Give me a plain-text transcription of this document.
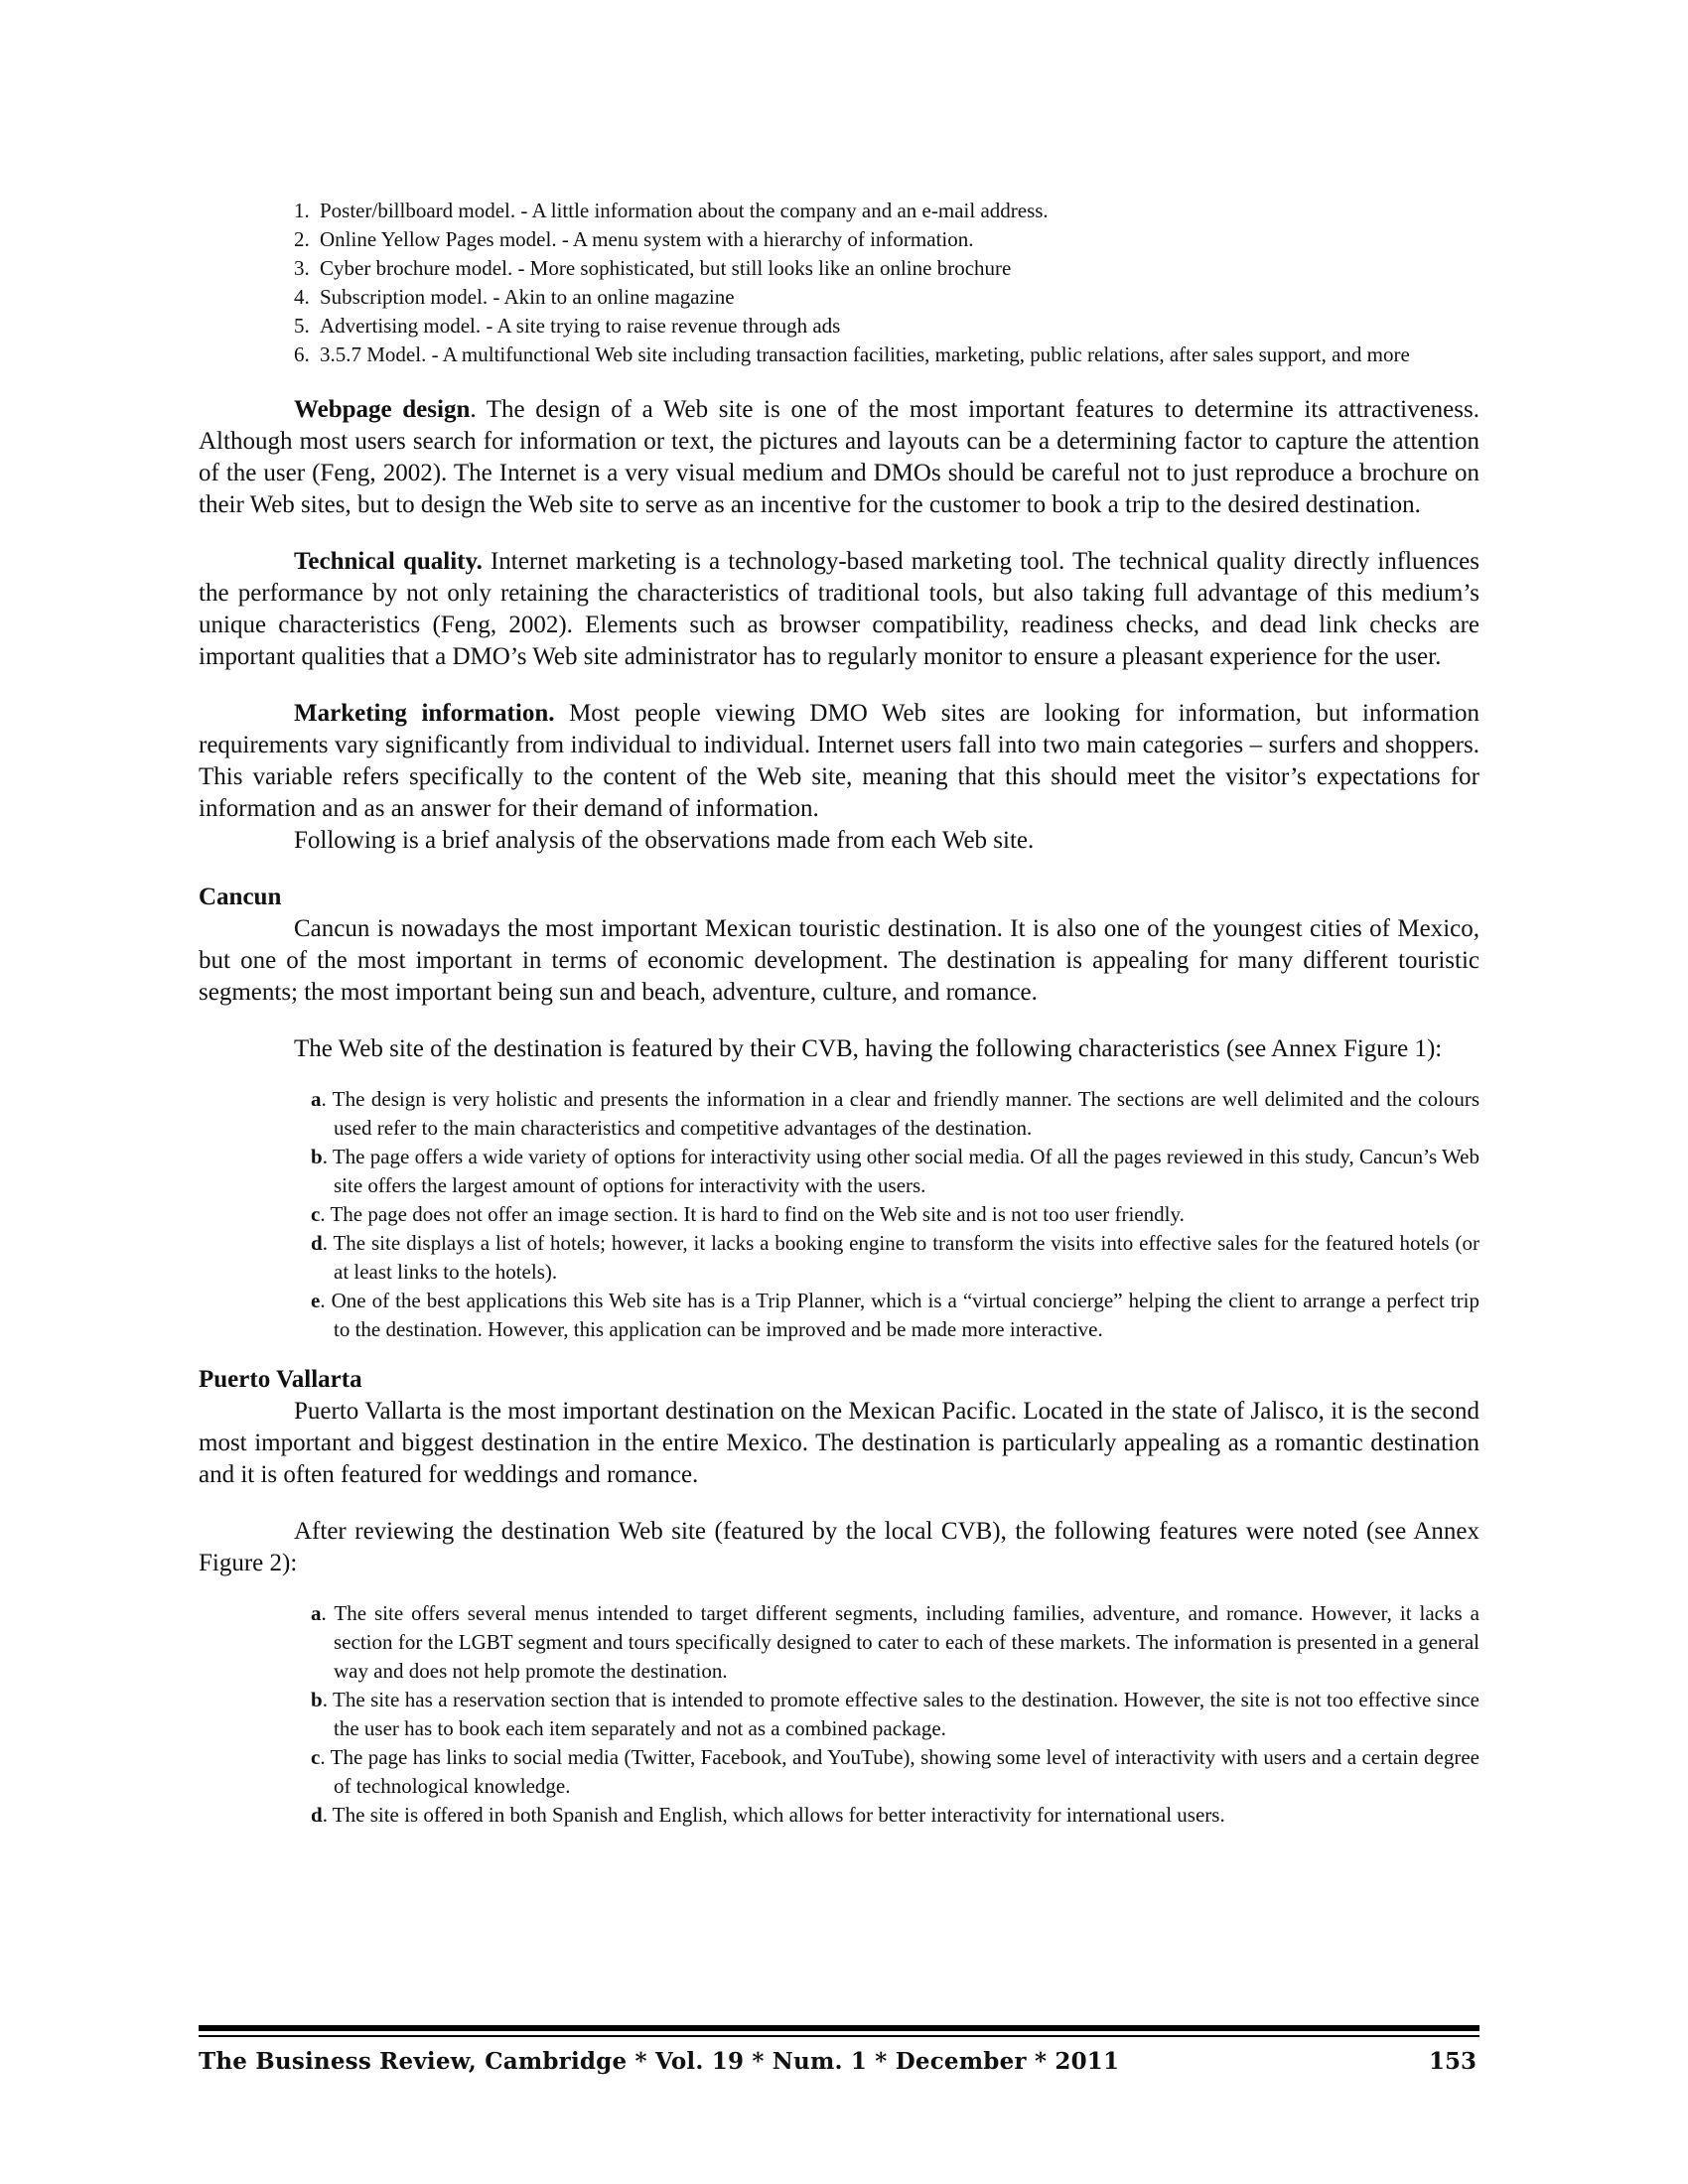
1. Poster/billboard model. - A little information about the company and an e-mail address.
2. Online Yellow Pages model. - A menu system with a hierarchy of information.
3. Cyber brochure model. - More sophisticated, but still looks like an online brochure
4. Subscription model. - Akin to an online magazine
5. Advertising model. - A site trying to raise revenue through ads
6. 3.5.7 Model. - A multifunctional Web site including transaction facilities, marketing, public relations, after sales support, and more

Webpage design. The design of a Web site is one of the most important features to determine its attractiveness. Although most users search for information or text, the pictures and layouts can be a determining factor to capture the attention of the user (Feng, 2002). The Internet is a very visual medium and DMOs should be careful not to just reproduce a brochure on their Web sites, but to design the Web site to serve as an incentive for the customer to book a trip to the desired destination.

Technical quality. Internet marketing is a technology-based marketing tool. The technical quality directly influences the performance by not only retaining the characteristics of traditional tools, but also taking full advantage of this medium’s unique characteristics (Feng, 2002). Elements such as browser compatibility, readiness checks, and dead link checks are important qualities that a DMO’s Web site administrator has to regularly monitor to ensure a pleasant experience for the user.

Marketing information. Most people viewing DMO Web sites are looking for information, but information requirements vary significantly from individual to individual. Internet users fall into two main categories – surfers and shoppers. This variable refers specifically to the content of the Web site, meaning that this should meet the visitor’s expectations for information and as an answer for their demand of information.

Following is a brief analysis of the observations made from each Web site.

Cancun

Cancun is nowadays the most important Mexican touristic destination. It is also one of the youngest cities of Mexico, but one of the most important in terms of economic development. The destination is appealing for many different touristic segments; the most important being sun and beach, adventure, culture, and romance.

The Web site of the destination is featured by their CVB, having the following characteristics (see Annex Figure 1):

a. The design is very holistic and presents the information in a clear and friendly manner. The sections are well delimited and the colours used refer to the main characteristics and competitive advantages of the destination.
b. The page offers a wide variety of options for interactivity using other social media. Of all the pages reviewed in this study, Cancun’s Web site offers the largest amount of options for interactivity with the users.
c. The page does not offer an image section. It is hard to find on the Web site and is not too user friendly.
d. The site displays a list of hotels; however, it lacks a booking engine to transform the visits into effective sales for the featured hotels (or at least links to the hotels).
e. One of the best applications this Web site has is a Trip Planner, which is a “virtual concierge” helping the client to arrange a perfect trip to the destination. However, this application can be improved and be made more interactive.
Puerto Vallarta

Puerto Vallarta is the most important destination on the Mexican Pacific. Located in the state of Jalisco, it is the second most important and biggest destination in the entire Mexico. The destination is particularly appealing as a romantic destination and it is often featured for weddings and romance.

After reviewing the destination Web site (featured by the local CVB), the following features were noted (see Annex Figure 2):

a. The site offers several menus intended to target different segments, including families, adventure, and romance. However, it lacks a section for the LGBT segment and tours specifically designed to cater to each of these markets. The information is presented in a general way and does not help promote the destination.
b. The site has a reservation section that is intended to promote effective sales to the destination. However, the site is not too effective since the user has to book each item separately and not as a combined package.
c. The page has links to social media (Twitter, Facebook, and YouTube), showing some level of interactivity with users and a certain degree of technological knowledge.
d. The site is offered in both Spanish and English, which allows for better interactivity for international users.
The Business Review, Cambridge * Vol. 19 * Num. 1 * December * 2011	153
